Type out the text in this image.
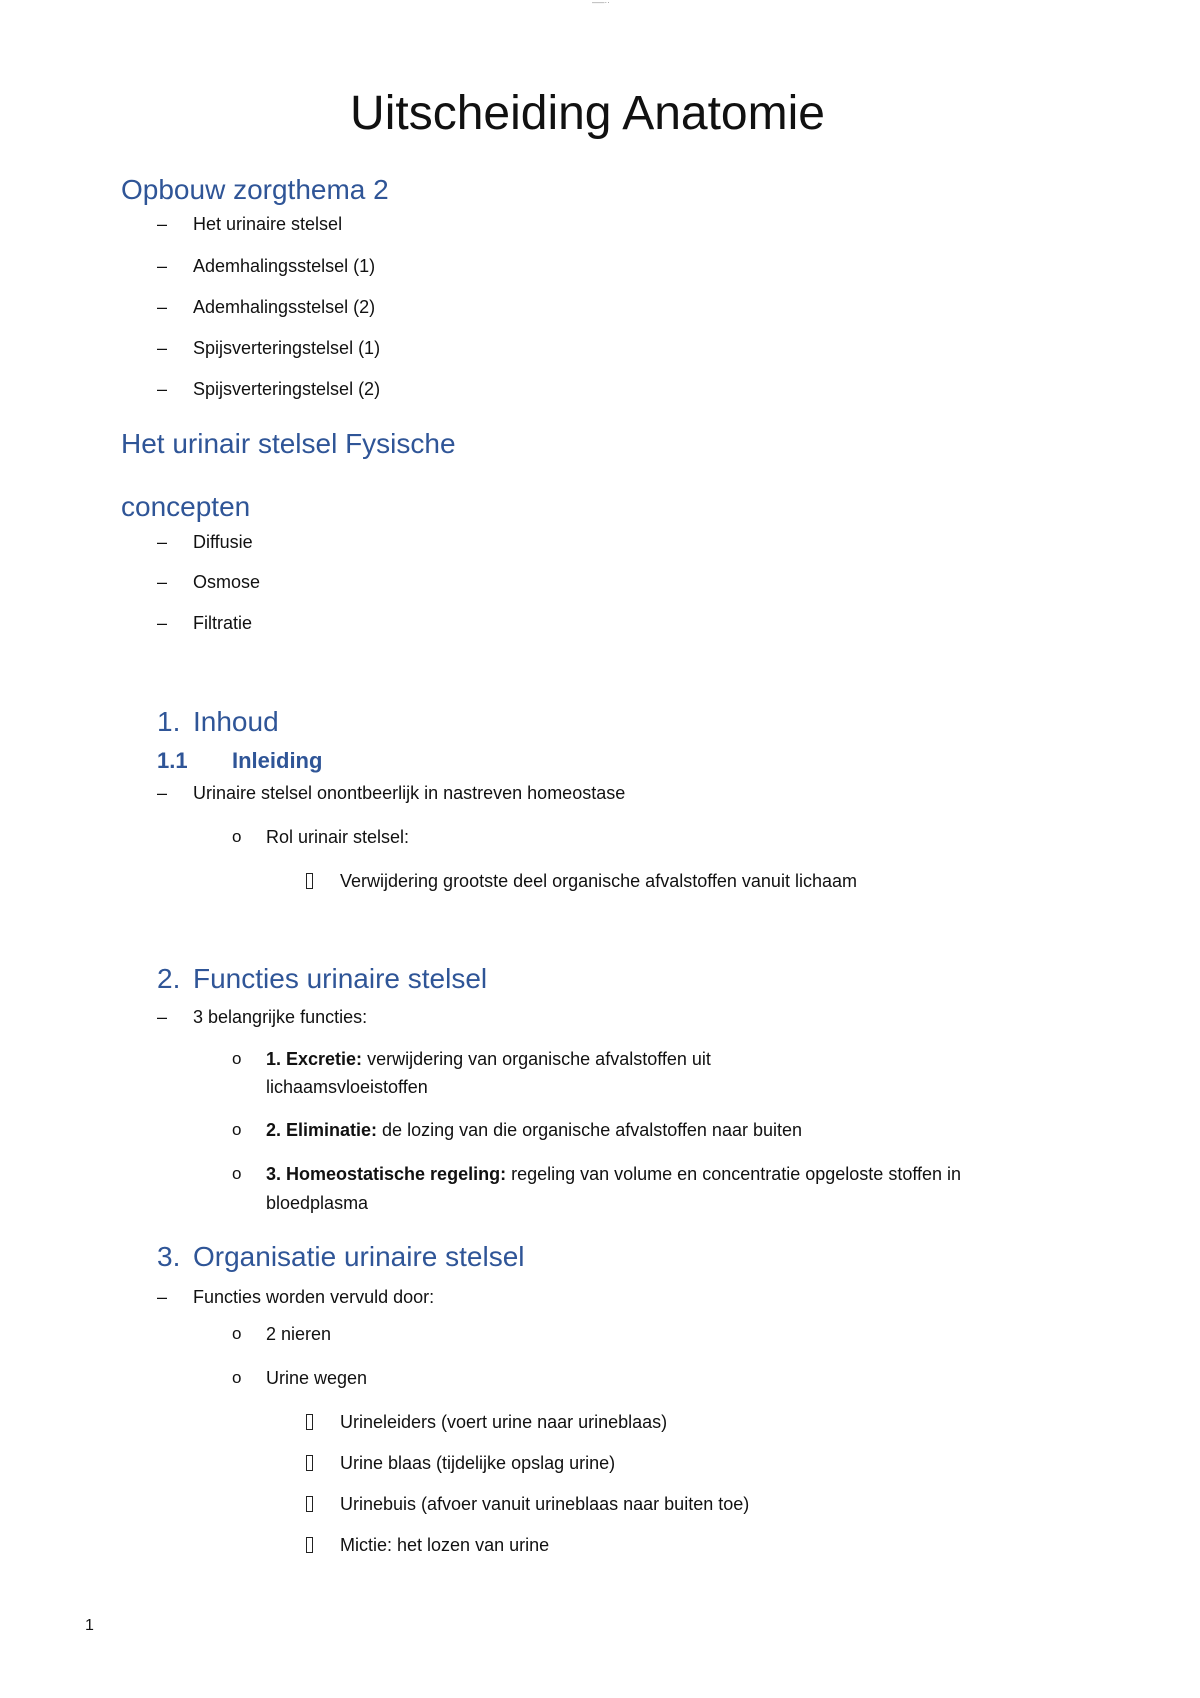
—–··
Uitscheiding Anatomie
Opbouw zorgthema 2
– Het urinaire stelsel
– Ademhalingsstelsel (1)
– Ademhalingsstelsel (2)
– Spijsverteringstelsel (1)
– Spijsverteringstelsel (2)
Het urinair stelsel Fysische
concepten
– Diffusie
– Osmose
– Filtratie
1. Inhoud
1.1 Inleiding
– Urinaire stelsel onontbeerlijk in nastreven homeostase
o Rol urinair stelsel:
Verwijdering grootste deel organische afvalstoffen vanuit lichaam
2. Functies urinaire stelsel
– 3 belangrijke functies:
o 1. Excretie: verwijdering van organische afvalstoffen uit
lichaamsvloeistoffen
o 2. Eliminatie: de lozing van die organische afvalstoffen naar buiten
o 3. Homeostatische regeling: regeling van volume en concentratie opgeloste stoffen in
bloedplasma
3. Organisatie urinaire stelsel
– Functies worden vervuld door:
o 2 nieren
o Urine wegen
Urineleiders (voert urine naar urineblaas)
Urine blaas (tijdelijke opslag urine)
Urinebuis (afvoer vanuit urineblaas naar buiten toe)
Mictie: het lozen van urine
1
